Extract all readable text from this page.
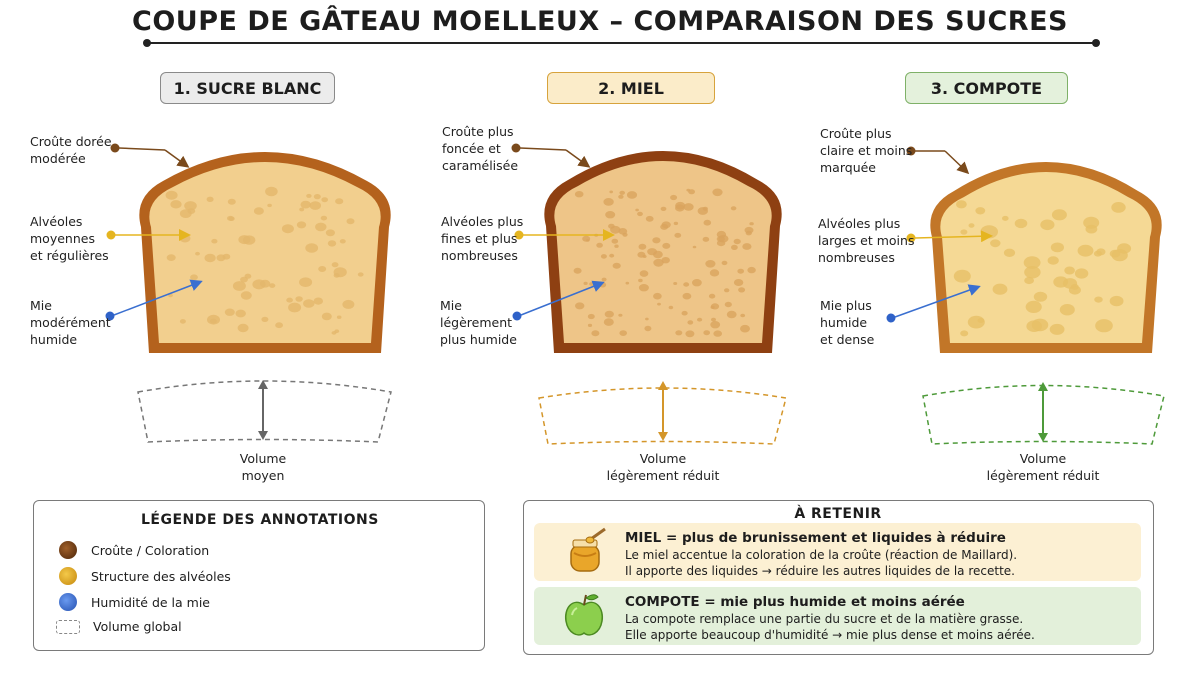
COUPE DE GÂTEAU MOELLEUX – COMPARAISON DES SUCRES
1. SUCRE BLANC	2. MIEL	3. COMPOTE
Croûte dorée
modérée
Alvéoles
moyennes
et régulières
Mie
modérément
humide
Croûte plus
foncée et
caramélisée
Alvéoles plus
fines et plus
nombreuses
Mie
légèrement
plus humide
Croûte plus
claire et moins
marquée
Alvéoles plus
larges et moins
nombreuses
Mie plus
humide
et dense
Volume
moyen
Volume
légèrement réduit
Volume
légèrement réduit
LÉGENDE DES ANNOTATIONS
Croûte / Coloration
Structure des alvéoles
Humidité de la mie
Volume global
À RETENIR
MIEL = plus de brunissement et liquides à réduire
Le miel accentue la coloration de la croûte (réaction de Maillard).
Il apporte des liquides → réduire les autres liquides de la recette.
COMPOTE = mie plus humide et moins aérée
La compote remplace une partie du sucre et de la matière grasse.
Elle apporte beaucoup d'humidité → mie plus dense et moins aérée.
